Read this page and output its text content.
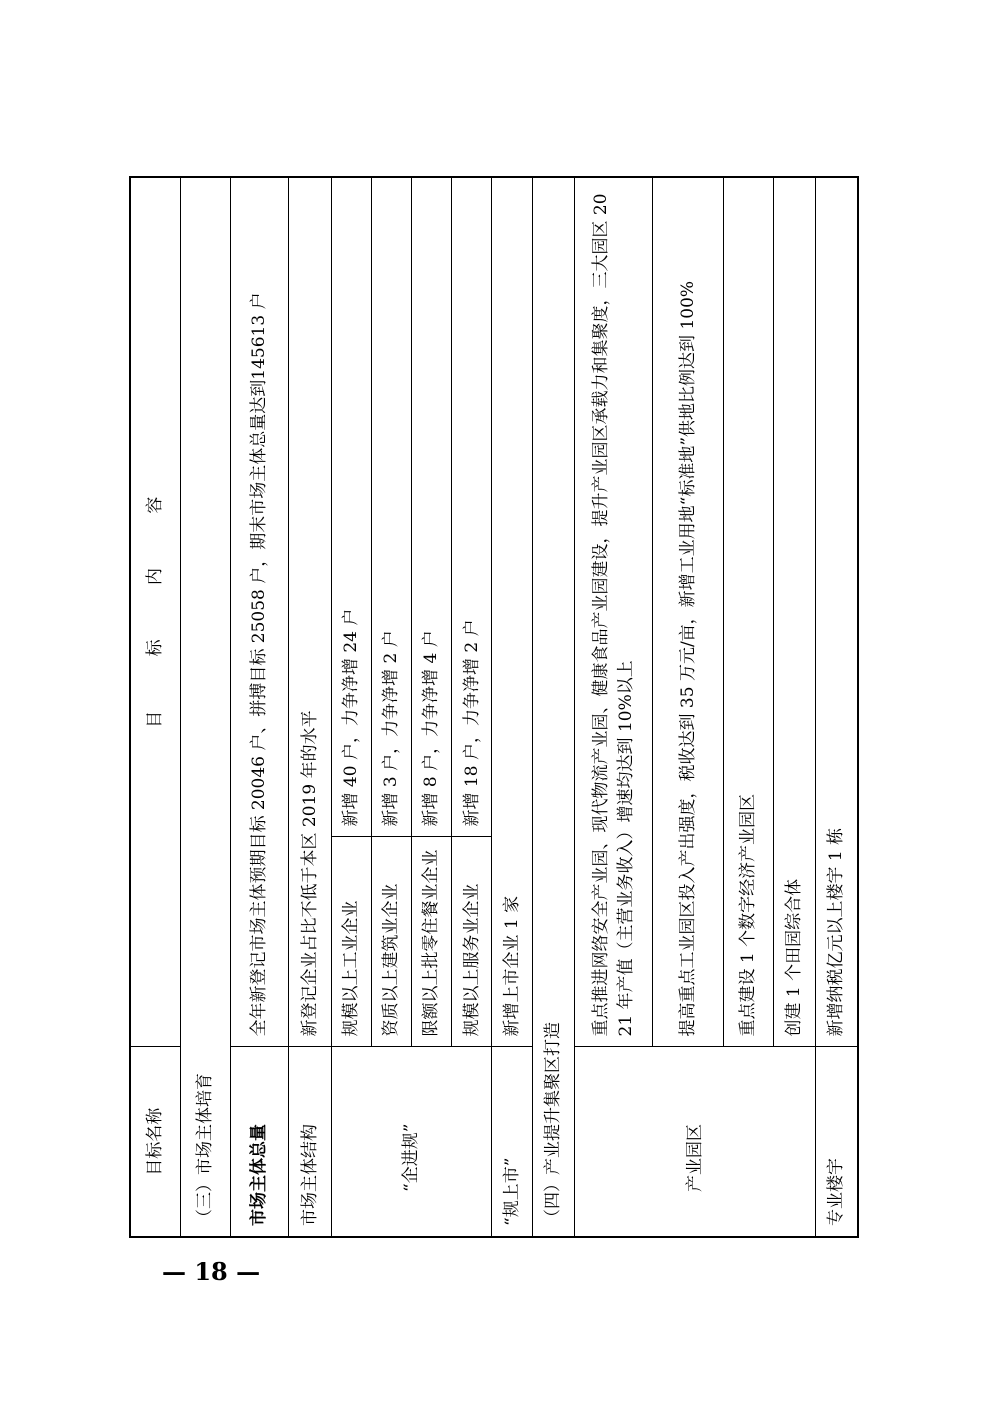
目标名称	目标内容	
（三）市场主体培育		
市场主体总量	全年新登记市场主体预期目标 20046 户、拼搏目标 25058 户，期末市场主体总量达到145613 户	
市场主体结构	新登记企业占比不低于本区 2019 年的水平	
“企进规”	规模以上工业企业	新增 40 户，力争净增 24 户
	资质以上建筑业企业	新增 3 户，力争净增 2 户
	限额以上批零住餐业企业	新增 8 户，力争净增 4 户
	规模以上服务业企业	新增 18 户，力争净增 2 户
“规上市”	新增上市企业 1 家	
（四）产业提升集聚区打造		
产业园区	重点推进网络安全产业园、现代物流产业园、健康食品产业园建设，提升产业园区承载力和集聚度，三大园区 2021 年产值（主营业务收入）增速均达到 10%以上	
	提高重点工业园区投入产出强度，税收达到 35 万元/亩，新增工业用地“标准地”供地比例达到 100%	
	重点建设 1 个数字经济产业园区	
	创建 1 个田园综合体	
专业楼宇	新增纳税亿元以上楼宇 1 栋	
— 18 —
